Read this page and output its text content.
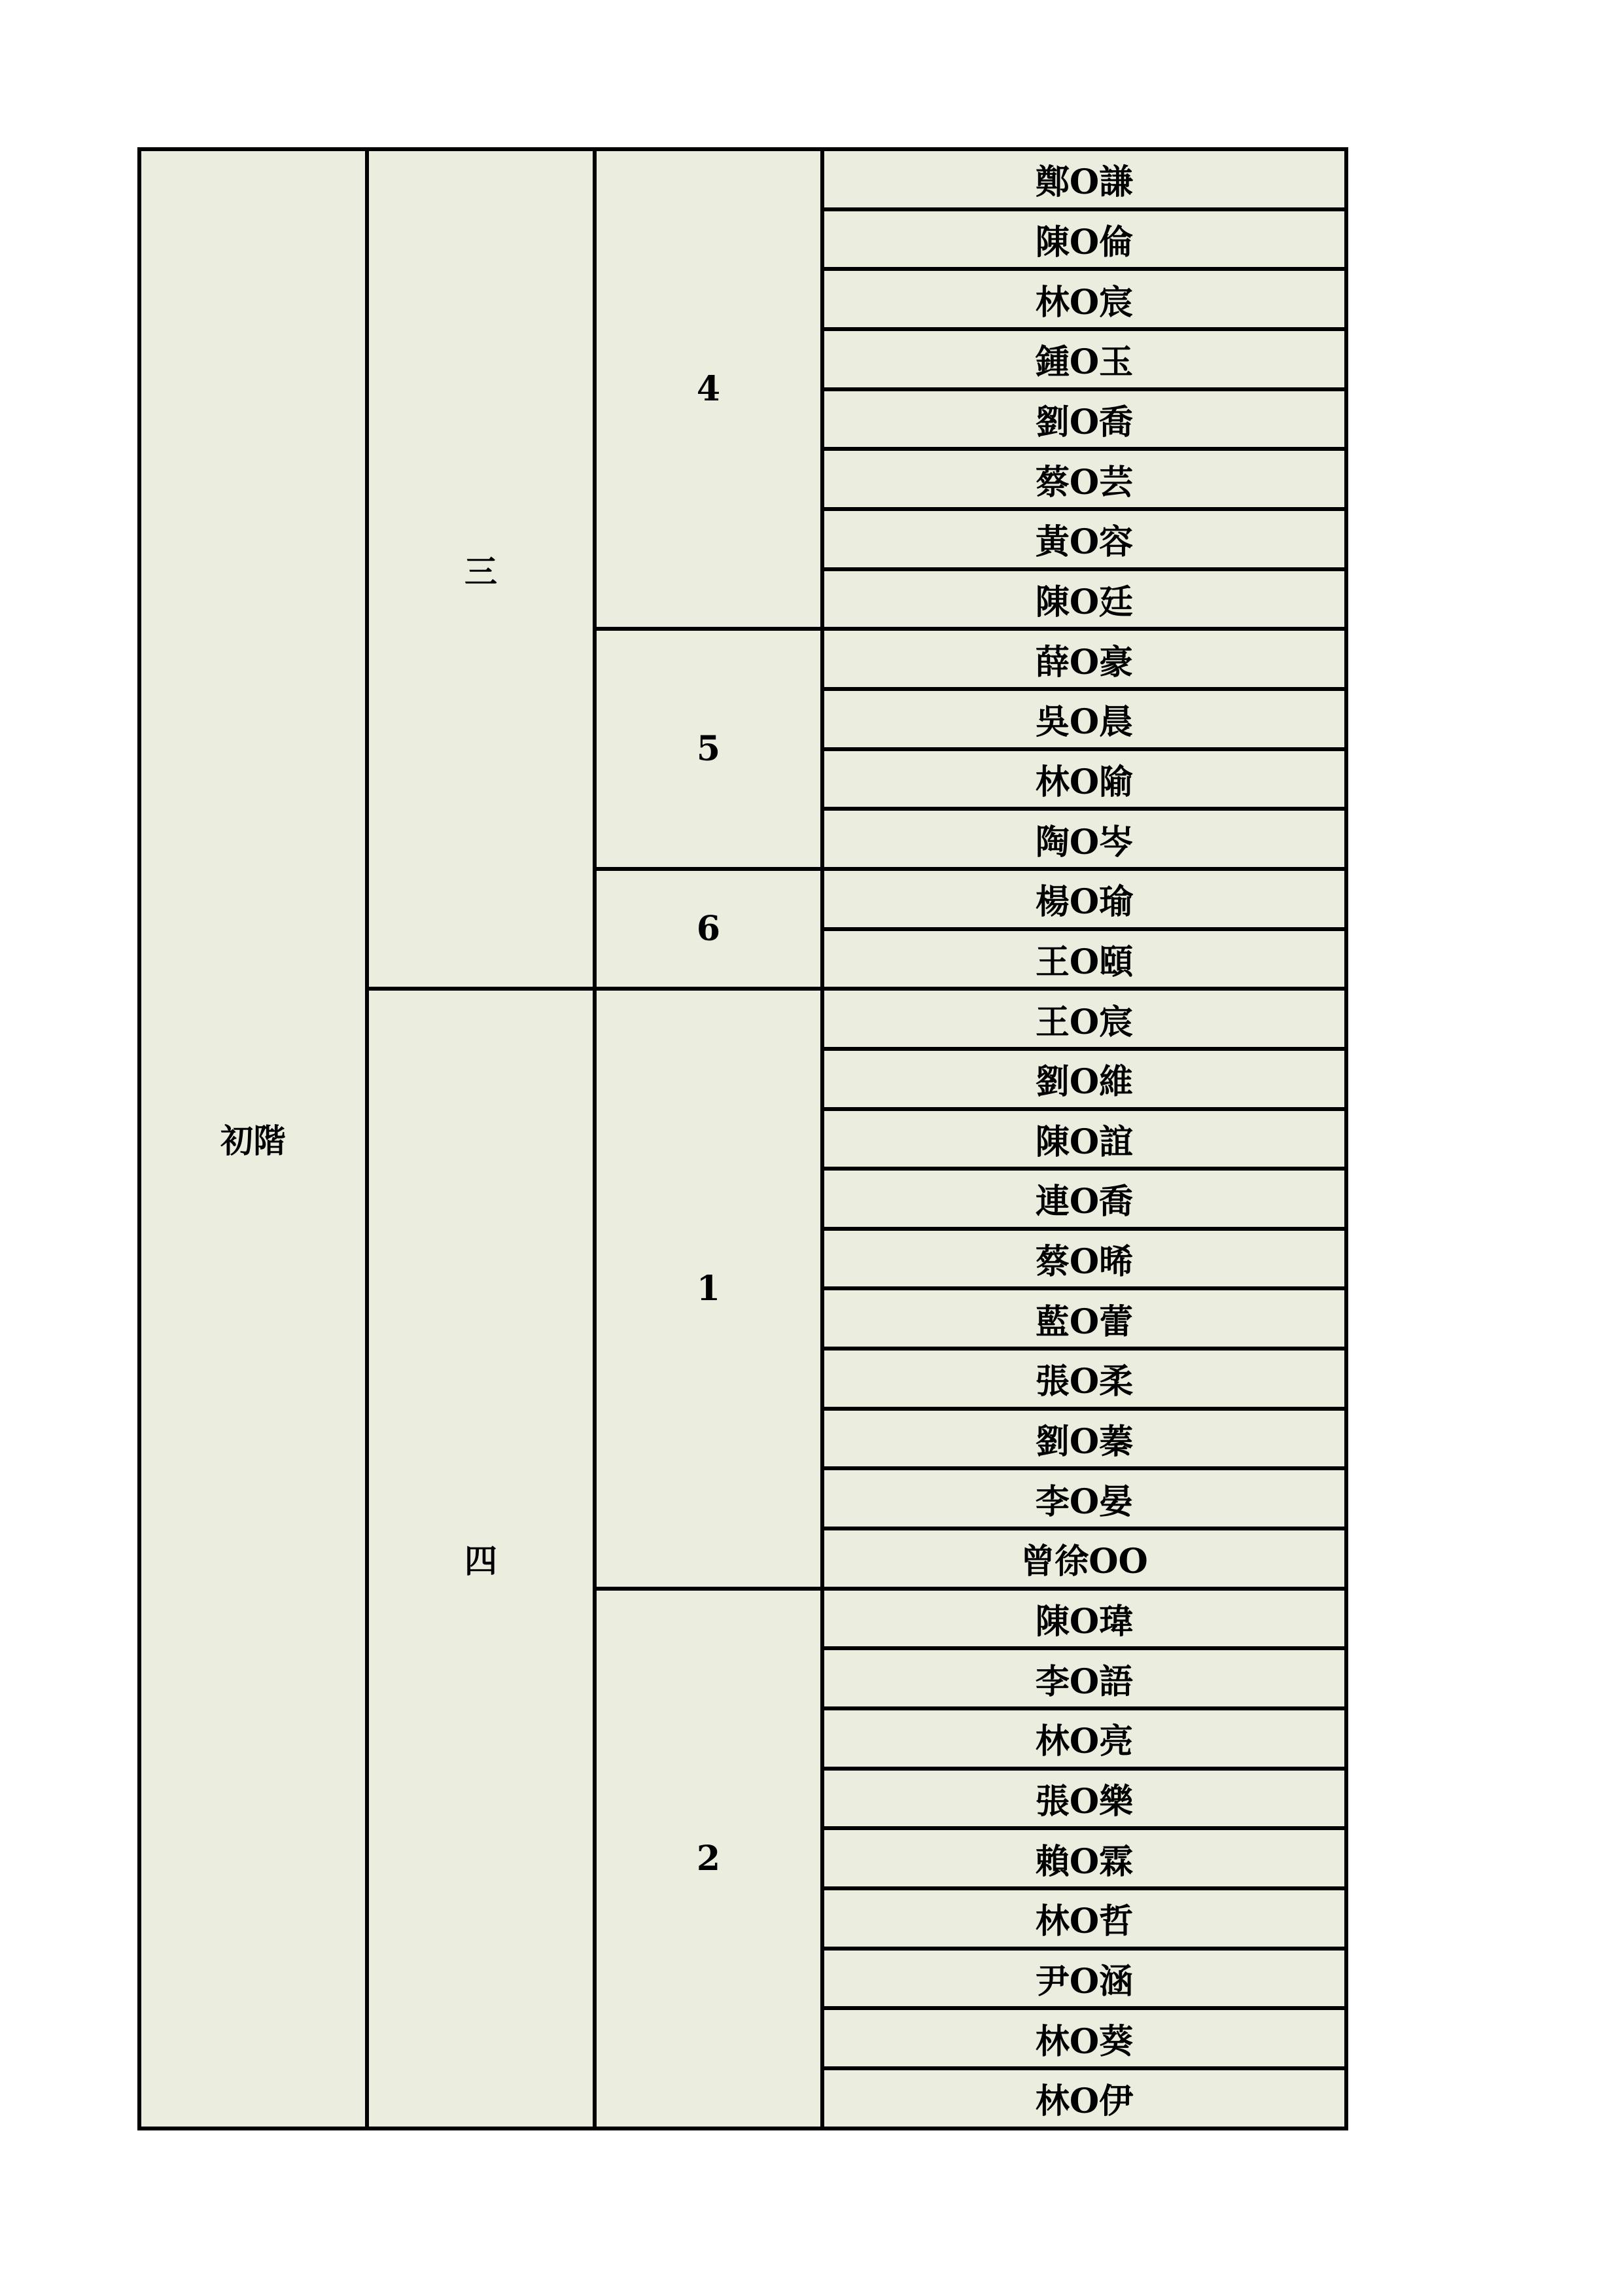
初階	三	4	鄭O謙
			陳O倫
			林O宸
			鍾O玉
			劉O喬
			蔡O芸
			黃O容
			陳O廷
		5	薛O豪
			吳O晨
			林O隃
			陶O岑
		6	楊O瑜
			王O頤
	四	1	王O宸
			劉O維
			陳O誼
			連O喬
			蔡O晞
			藍O蕾
			張O柔
			劉O蓁
			李O晏
			曾徐OO
		2	陳O瑋
			李O語
			林O亮
			張O樂
			賴O霖
			林O哲
			尹O涵
			林O葵
			林O伊
